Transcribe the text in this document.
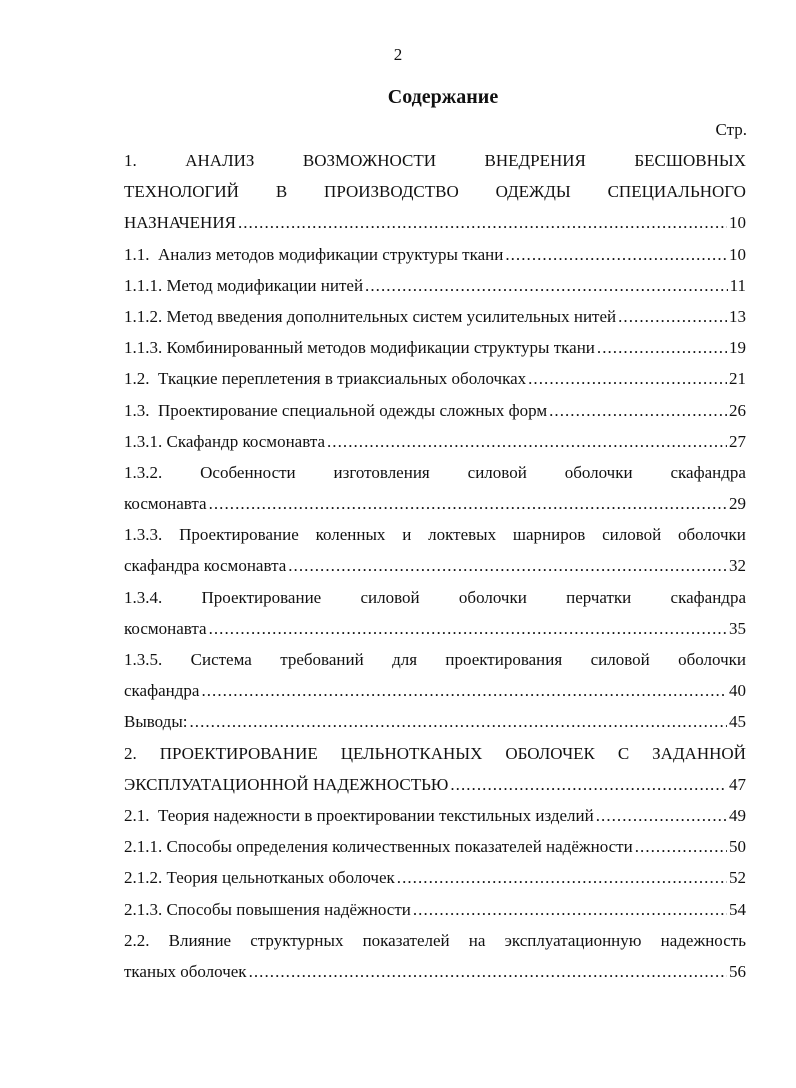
2
Содержание
Стр.
1.	АНАЛИЗ	ВОЗМОЖНОСТИ	ВНЕДРЕНИЯ	БЕСШОВНЫХ
ТЕХНОЛОГИЙ В ПРОИЗВОДСТВО ОДЕЖДЫ СПЕЦИАЛЬНОГО
НАЗНАЧЕНИЯ . . .	10
1.1.  Анализ методов модификации структуры ткани . . .	10
1.1.1. Метод модификации нитей . . .	11
1.1.2. Метод введения дополнительных систем усилительных нитей . . .	13
1.1.3. Комбинированный методов модификации структуры ткани . . .	19
1.2.  Ткацкие переплетения в триаксиальных оболочках . . .	21
1.3.  Проектирование специальной одежды сложных форм . . .	26
1.3.1. Скафандр космонавта . . .	27
1.3.2. Особенности изготовления силовой оболочки скафандра
космонавта . . .	29
1.3.3. Проектирование коленных и локтевых шарниров силовой оболочки
скафандра космонавта . . .	32
1.3.4. Проектирование силовой оболочки перчатки скафандра
космонавта . . .	35
1.3.5. Система требований для проектирования силовой оболочки
скафандра . . .	40
Выводы: . . .	45
2. ПРОЕКТИРОВАНИЕ ЦЕЛЬНОТКАНЫХ ОБОЛОЧЕК С ЗАДАННОЙ
ЭКСПЛУАТАЦИОННОЙ НАДЕЖНОСТЬЮ . . .	47
2.1.  Теория надежности в проектировании текстильных изделий . . .	49
2.1.1. Способы определения количественных показателей надёжности . . .	50
2.1.2. Теория цельнотканых оболочек . . .	52
2.1.3. Способы повышения надёжности . . .	54
2.2. Влияние структурных показателей на эксплуатационную надежность
тканых оболочек . . .	56
